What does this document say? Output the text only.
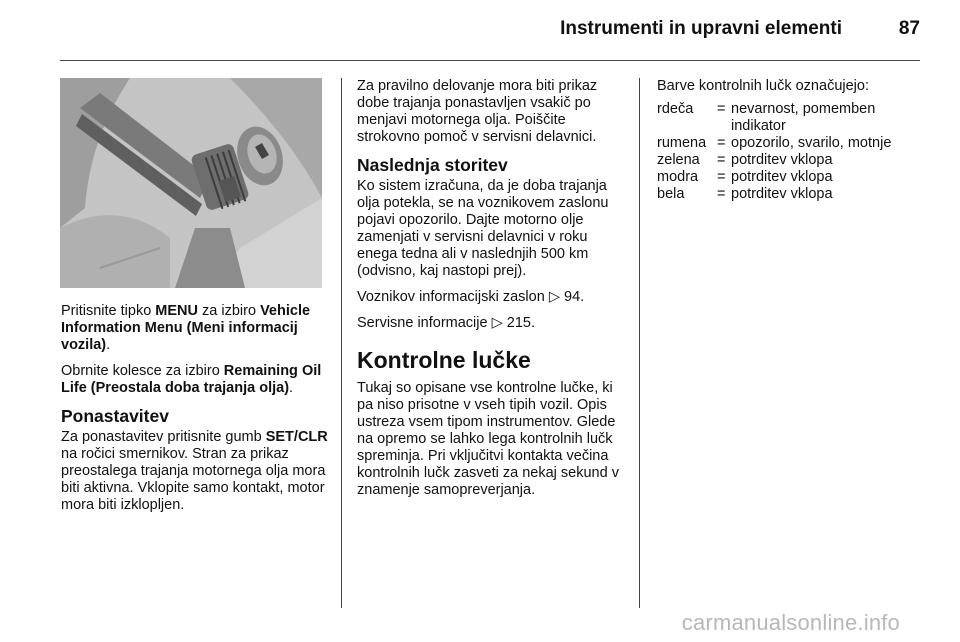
Instrumenti in upravni elementi	87

Pritisnite tipko MENU za izbiro Vehicle Information Menu (Meni informacij vozila).

Obrnite kolesce za izbiro Remaining Oil Life (Preostala doba trajanja olja).

Ponastavitev

Za ponastavitev pritisnite gumb SET/CLR na ročici smernikov. Stran za prikaz preostalega trajanja motornega olja mora biti aktivna. Vklopite samo kontakt, motor mora biti izklopljen.

Za pravilno delovanje mora biti prikaz dobe trajanja ponastavljen vsakič po menjavi motornega olja. Poiščite strokovno pomoč v servisni delavnici.

Naslednja storitev

Ko sistem izračuna, da je doba trajanja olja potekla, se na voznikovem zaslonu pojavi opozorilo. Dajte motorno olje zamenjati v servisni delavnici v roku enega tedna ali v naslednjih 500 km (odvisno, kaj nastopi prej).

Voznikov informacijski zaslon ▷ 94.

Servisne informacije ▷ 215.

Kontrolne lučke

Tukaj so opisane vse kontrolne lučke, ki pa niso prisotne v vseh tipih vozil. Opis ustreza vsem tipom instrumentov. Glede na opremo se lahko lega kontrolnih lučk spreminja. Pri vključitvi kontakta večina kontrolnih lučk zasveti za nekaj sekund v znamenje samopreverjanja.

Barve kontrolnih lučk označujejo:

rdeča	= nevarnost, pomemben indikator
rumena = opozorilo, svarilo, motnje
zelena	= potrditev vklopa
modra	= potrditev vklopa
bela	= potrditev vklopa
carmanualsonline.info
